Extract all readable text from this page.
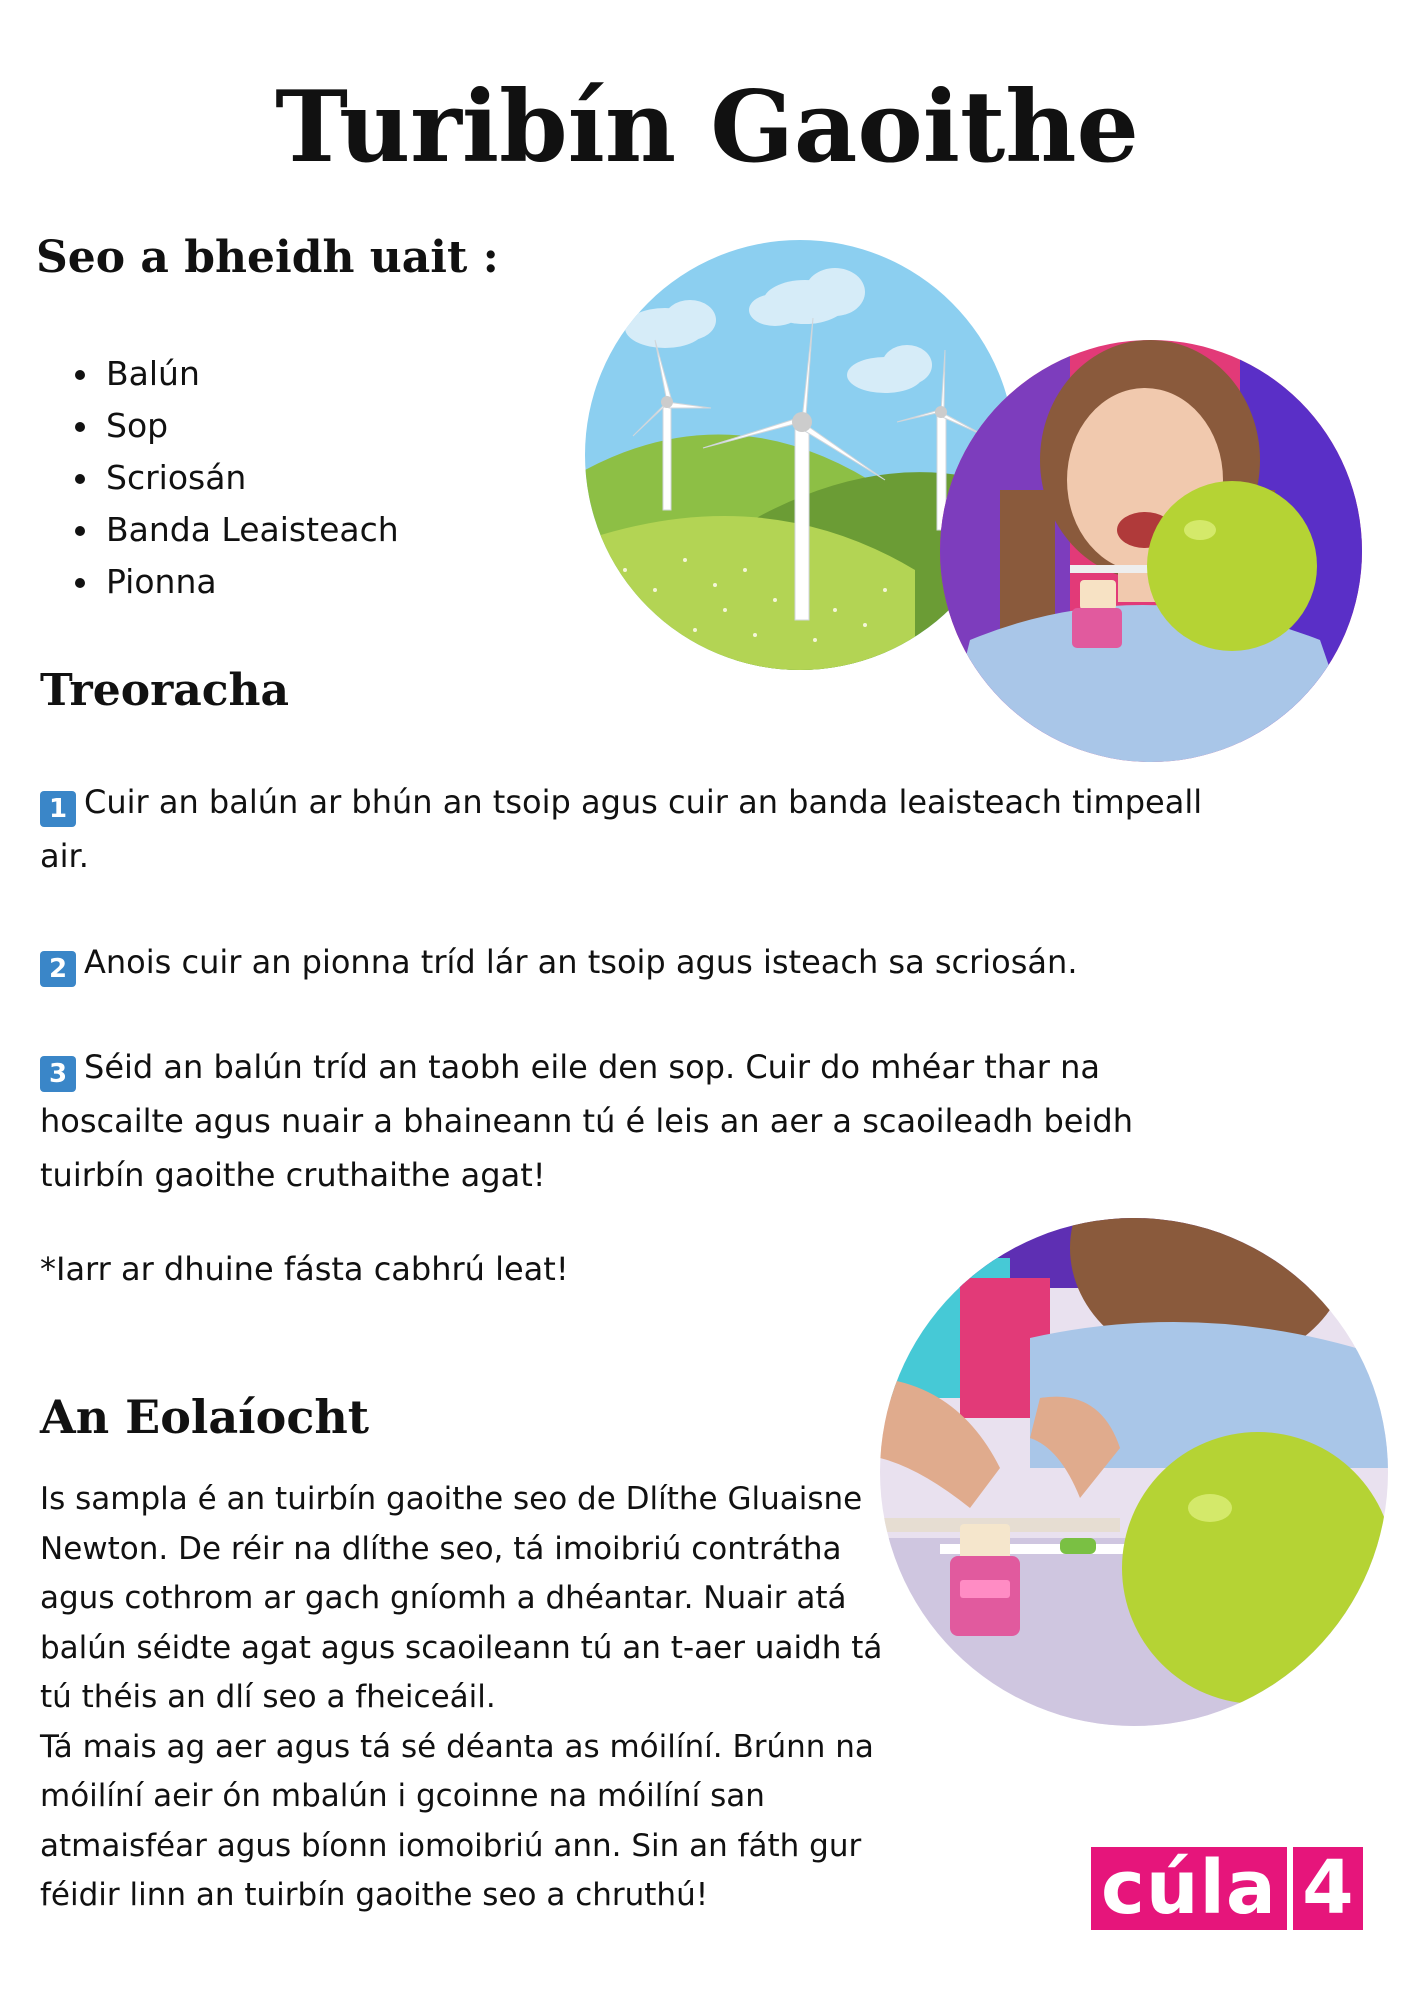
Turibín Gaoithe
Seo a bheidh uait :
• Balún
• Sop
• Scriosán
• Banda Leaisteach
• Pionna
Treoracha

1 Cuir an balún ar bhún an tsoip agus cuir an banda leaisteach timpeall air.

2 Anois cuir an pionna tríd lár an tsoip agus isteach sa scriosán.

3 Séid an balún tríd an taobh eile den sop. Cuir do mhéar thar na hoscailte agus nuair a bhaineann tú é leis an aer a scaoileadh beidh tuirbín gaoithe cruthaithe agat!

*Iarr ar dhuine fásta cabhrú leat!

An Eolaíocht
Is sampla é an tuirbín gaoithe seo de Dlíthe Gluaisne Newton. De réir na dlíthe seo, tá imoibriú contrátha agus cothrom ar gach gníomh a dhéantar. Nuair atá balún séidte agat agus scaoileann tú an t-aer uaidh tá tú théis an dlí seo a fheiceáil.
Tá mais ag aer agus tá sé déanta as móilíní. Brúnn na móilíní aeir ón mbalún i gcoinne na móilíní san atmaisféar agus bíonn iomoibriú ann. Sin an fáth gur féidir linn an tuirbín gaoithe seo a chruthú!	cúla 4
